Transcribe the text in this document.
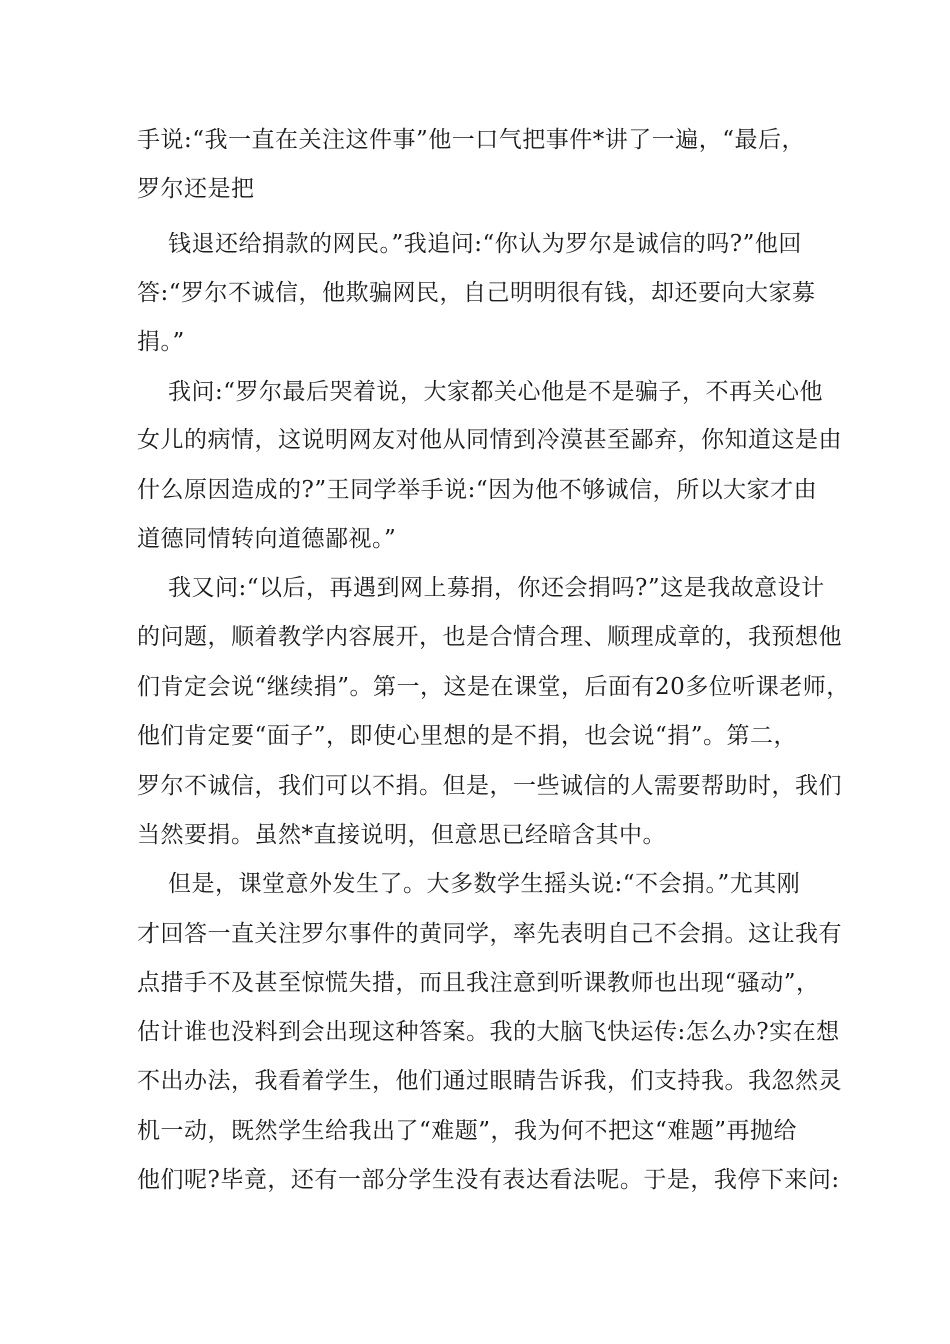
手说:“我一直在关注这件事”他一口气把事件*讲了一遍，“最后，
罗尔还是把
钱退还给捐款的网民。”我追问:“你认为罗尔是诚信的吗?”他回
答:“罗尔不诚信，他欺骗网民，自己明明很有钱，却还要向大家募
捐。”
我问:“罗尔最后哭着说，大家都关心他是不是骗子，不再关心他
女儿的病情，这说明网友对他从同情到冷漠甚至鄙弃，你知道这是由
什么原因造成的?”王同学举手说:“因为他不够诚信，所以大家才由
道德同情转向道德鄙视。”
我又问:“以后，再遇到网上募捐，你还会捐吗?”这是我故意设计
的问题，顺着教学内容展开，也是合情合理、顺理成章的，我预想他
们肯定会说“继续捐”。第一，这是在课堂，后面有20多位听课老师，
他们肯定要“面子”，即使心里想的是不捐，也会说“捐”。第二，
罗尔不诚信，我们可以不捐。但是，一些诚信的人需要帮助时，我们
当然要捐。虽然*直接说明，但意思已经暗含其中。
但是，课堂意外发生了。大多数学生摇头说:“不会捐。”尤其刚
才回答一直关注罗尔事件的黄同学，率先表明自己不会捐。这让我有
点措手不及甚至惊慌失措，而且我注意到听课教师也出现“骚动”，
估计谁也没料到会出现这种答案。我的大脑飞快运传:怎么办?实在想
不出办法，我看着学生，他们通过眼睛告诉我，们支持我。我忽然灵
机一动，既然学生给我出了“难题”，我为何不把这“难题”再抛给
他们呢?毕竟，还有一部分学生没有表达看法呢。于是，我停下来问:
